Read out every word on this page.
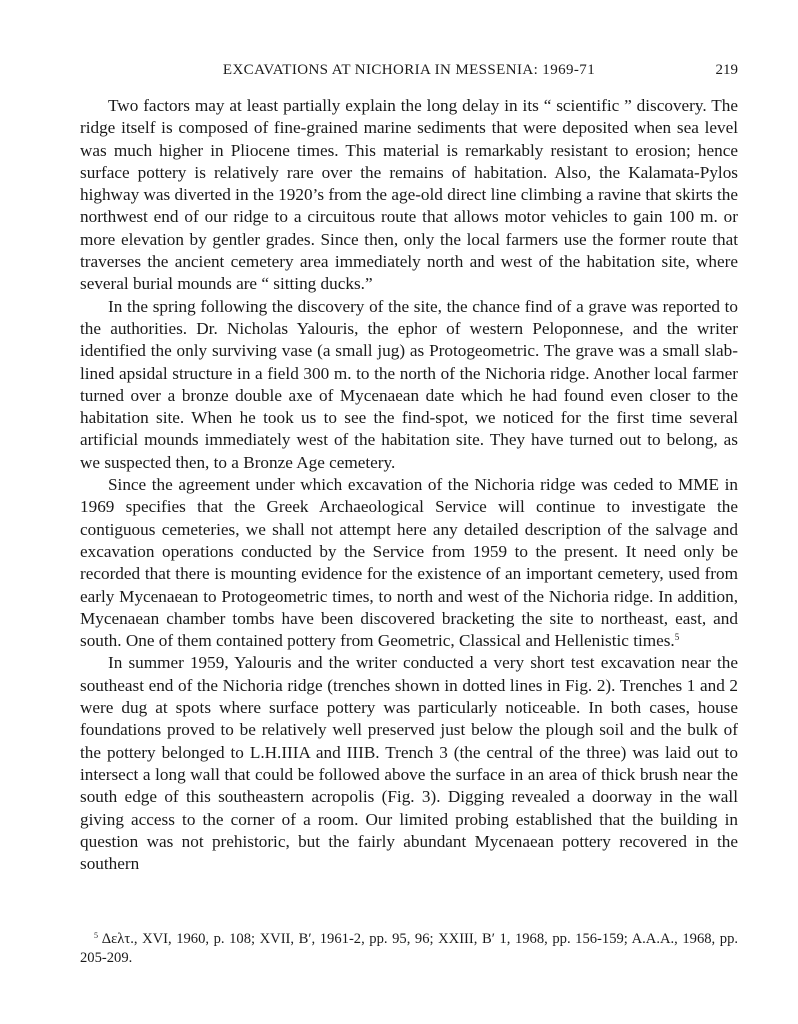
EXCAVATIONS AT NICHORIA IN MESSENIA: 1969-71	219

Two factors may at least partially explain the long delay in its “ scientific ” discovery. The ridge itself is composed of fine-grained marine sediments that were deposited when sea level was much higher in Pliocene times. This material is remarkably resistant to erosion; hence surface pottery is relatively rare over the remains of habitation. Also, the Kalamata-Pylos highway was diverted in the 1920’s from the age-old direct line climbing a ravine that skirts the northwest end of our ridge to a circuitous route that allows motor vehicles to gain 100 m. or more elevation by gentler grades. Since then, only the local farmers use the former route that traverses the ancient cemetery area immediately north and west of the habitation site, where several burial mounds are “ sitting ducks.”

In the spring following the discovery of the site, the chance find of a grave was reported to the authorities. Dr. Nicholas Yalouris, the ephor of western Peloponnese, and the writer identified the only surviving vase (a small jug) as Protogeometric. The grave was a small slab-lined apsidal structure in a field 300 m. to the north of the Nichoria ridge. Another local farmer turned over a bronze double axe of Mycenaean date which he had found even closer to the habitation site. When he took us to see the find-spot, we noticed for the first time several artificial mounds immediately west of the habitation site. They have turned out to belong, as we suspected then, to a Bronze Age cemetery.

Since the agreement under which excavation of the Nichoria ridge was ceded to MME in 1969 specifies that the Greek Archaeological Service will continue to investigate the contiguous cemeteries, we shall not attempt here any detailed description of the salvage and excavation operations conducted by the Service from 1959 to the present. It need only be recorded that there is mounting evidence for the existence of an important cemetery, used from early Mycenaean to Protogeometric times, to north and west of the Nichoria ridge. In addition, Mycenaean chamber tombs have been discovered bracketing the site to northeast, east, and south. One of them contained pottery from Geometric, Classical and Hellenistic times.$^5$

In summer 1959, Yalouris and the writer conducted a very short test excavation near the southeast end of the Nichoria ridge (trenches shown in dotted lines in Fig. 2). Trenches 1 and 2 were dug at spots where surface pottery was particularly noticeable. In both cases, house foundations proved to be relatively well preserved just below the plough soil and the bulk of the pottery belonged to L.H.IIIA and IIIB. Trench 3 (the central of the three) was laid out to intersect a long wall that could be followed above the surface in an area of thick brush near the south edge of this southeastern acropolis (Fig. 3). Digging revealed a doorway in the wall giving access to the corner of a room. Our limited probing established that the building in question was not prehistoric, but the fairly abundant Mycenaean pottery recovered in the southern

$^5$ Δελτ., XVI, 1960, p. 108; XVII, B′, 1961-2, pp. 95, 96; XXIII, B′ 1, 1968, pp. 156-159; A.A.A., 1968, pp. 205-209.
